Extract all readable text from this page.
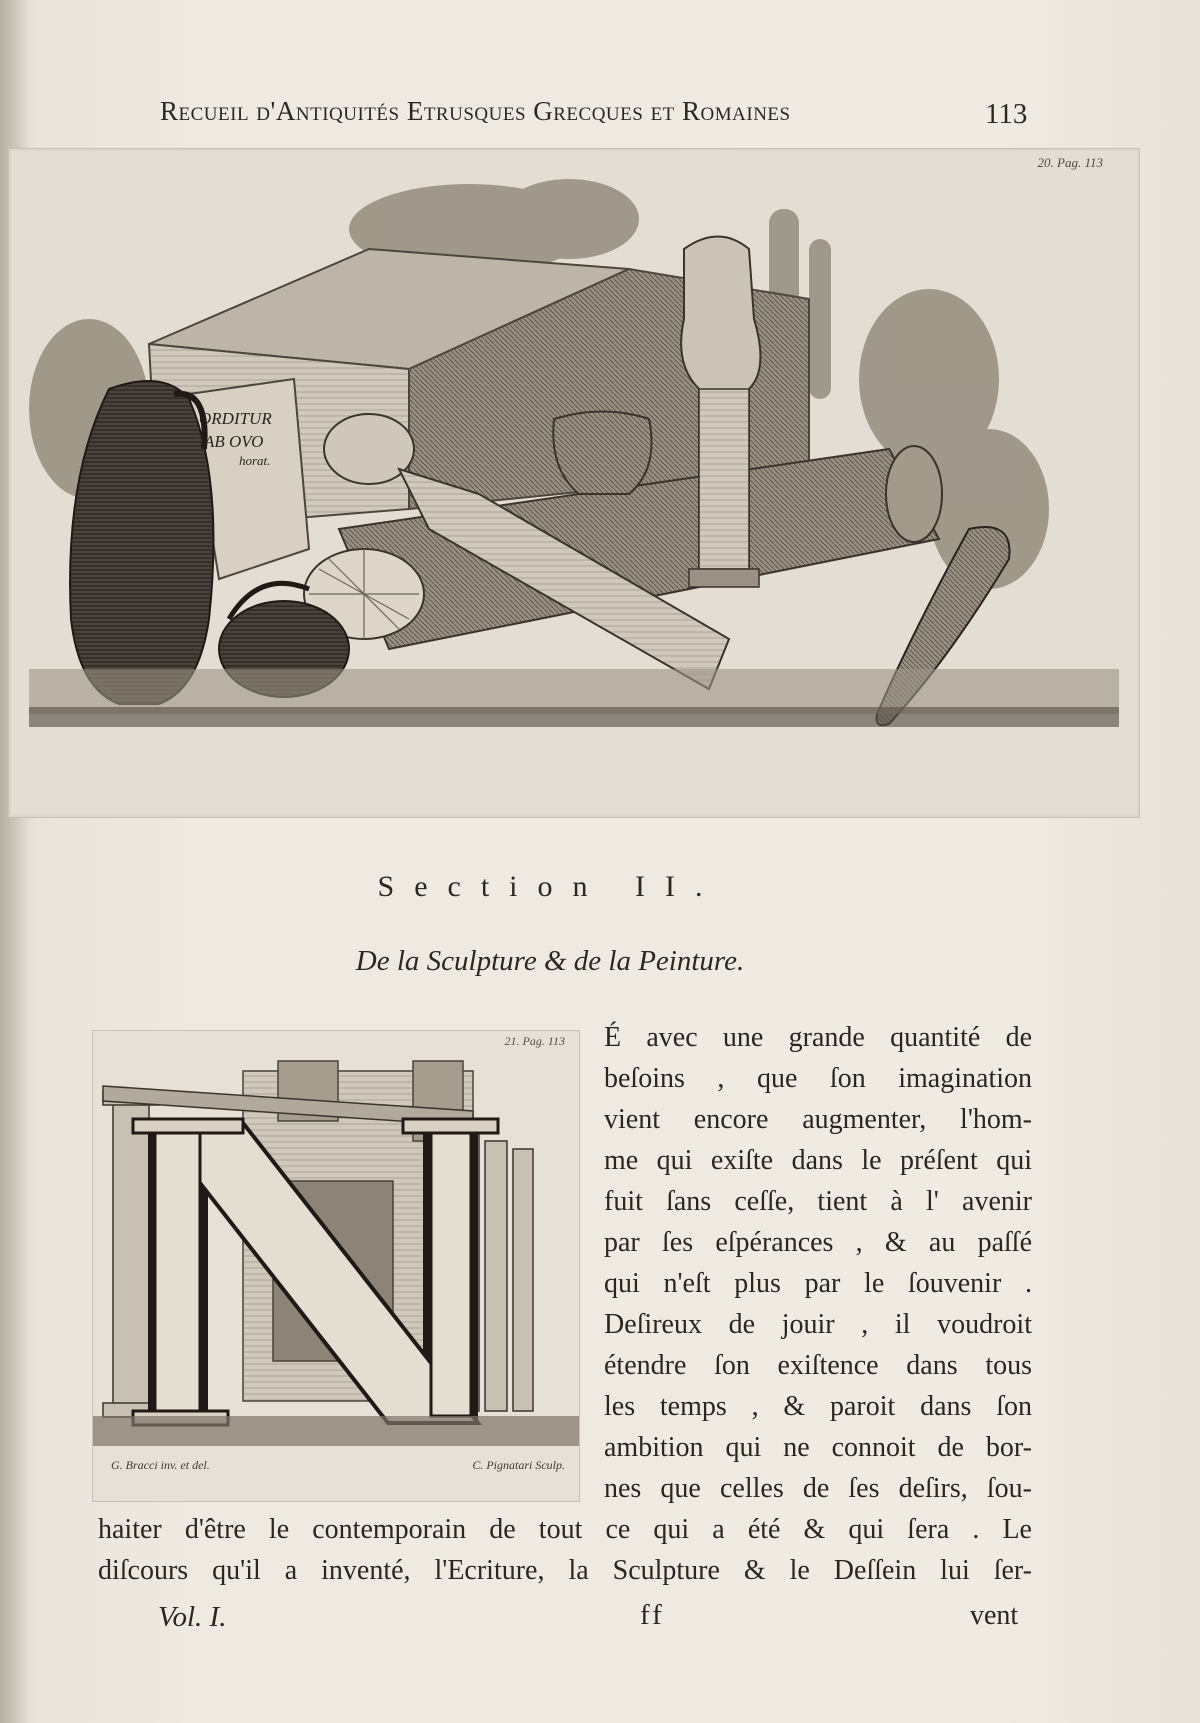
Recueil d'Antiquités Etrusques Grecques et Romaines	113
20. Pag. 113
ORDITUR
AB OVO
horat.
Section II.
De la Sculpture & de la Peinture.
21. Pag. 113
G. Bracci inv. et del.	C. Pignatari Sculp.
É avec une grande quantité de
beſoins , que ſon imagination
vient encore augmenter, l'hom-
me qui exiſte dans le préſent qui
fuit ſans ceſſe, tient à l' avenir
par ſes eſpérances , & au paſſé
qui n'eſt plus par le ſouvenir .
Deſireux de jouir , il voudroit
étendre ſon exiſtence dans tous
les temps , & paroit dans ſon
ambition qui ne connoit de bor-
nes que celles de ſes deſirs, ſou-
haiter d'être le contemporain de tout ce qui a été & qui ſera . Le
diſcours qu'il a inventé, l'Ecriture, la Sculpture & le Deſſein lui ſer-
Vol. I.	ff	vent
